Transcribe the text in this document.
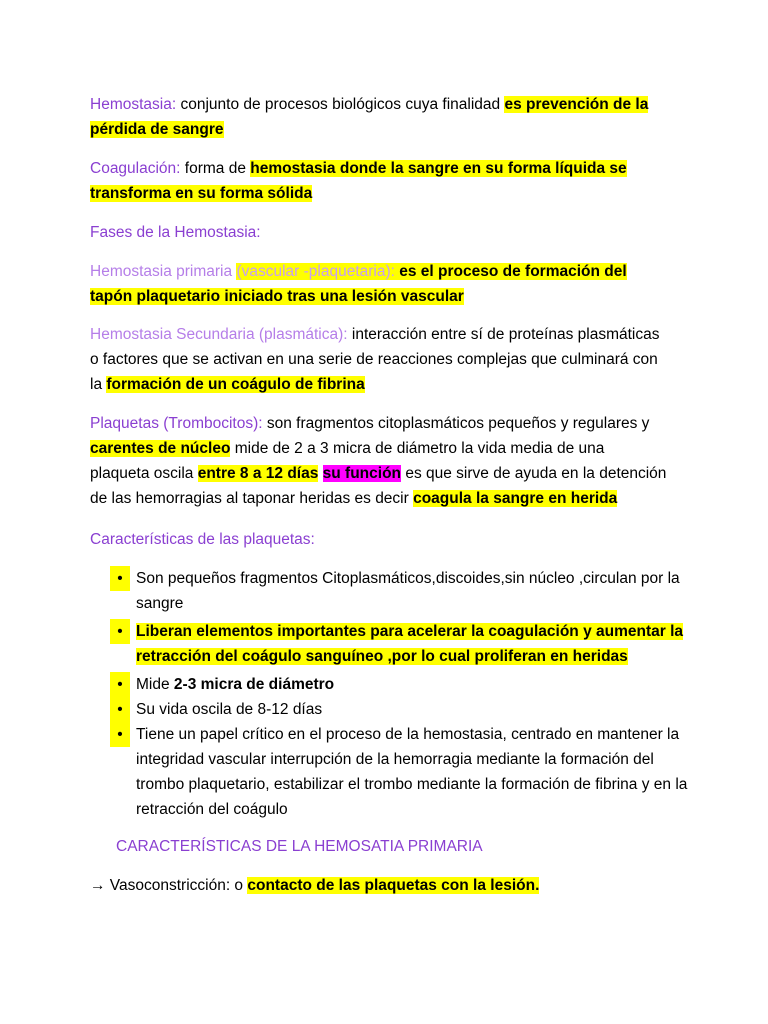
Hemostasia: conjunto de procesos biológicos cuya finalidad es prevención de la
pérdida de sangre

Coagulación: forma de hemostasia donde la sangre en su forma líquida se
transforma en su forma sólida

Fases de la Hemostasia:

Hemostasia primaria (vascular -plaquetaria): es el proceso de formación del
tapón plaquetario iniciado tras una lesión vascular

Hemostasia Secundaria (plasmática): interacción entre sí de proteínas plasmáticas
o factores que se activan en una serie de reacciones complejas que culminará con
la formación de un coágulo de fibrina

Plaquetas (Trombocitos): son fragmentos citoplasmáticos pequeños y regulares y
carentes de núcleo mide de 2 a 3 micra de diámetro la vida media de una
plaqueta oscila entre 8 a 12 días su función es que sirve de ayuda en la detención
de las hemorragias al taponar heridas es decir coagula la sangre en herida

Características de las plaquetas:

• Son pequeños fragmentos Citoplasmáticos,discoides,sin núcleo ,circulan por la sangre
• Liberan elementos importantes para acelerar la coagulación y aumentar la retracción del coágulo sanguíneo ,por lo cual proliferan en heridas
• Mide 2-3 micra de diámetro
• Su vida oscila de 8-12 días
• Tiene un papel crítico en el proceso de la hemostasia, centrado en mantener la integridad vascular interrupción de la hemorragia mediante la formación del trombo plaquetario, estabilizar el trombo mediante la formación de fibrina y en la retracción del coágulo

CARACTERÍSTICAS DE LA HEMOSATIA PRIMARIA

→ Vasoconstricción: o contacto de las plaquetas con la lesión.
